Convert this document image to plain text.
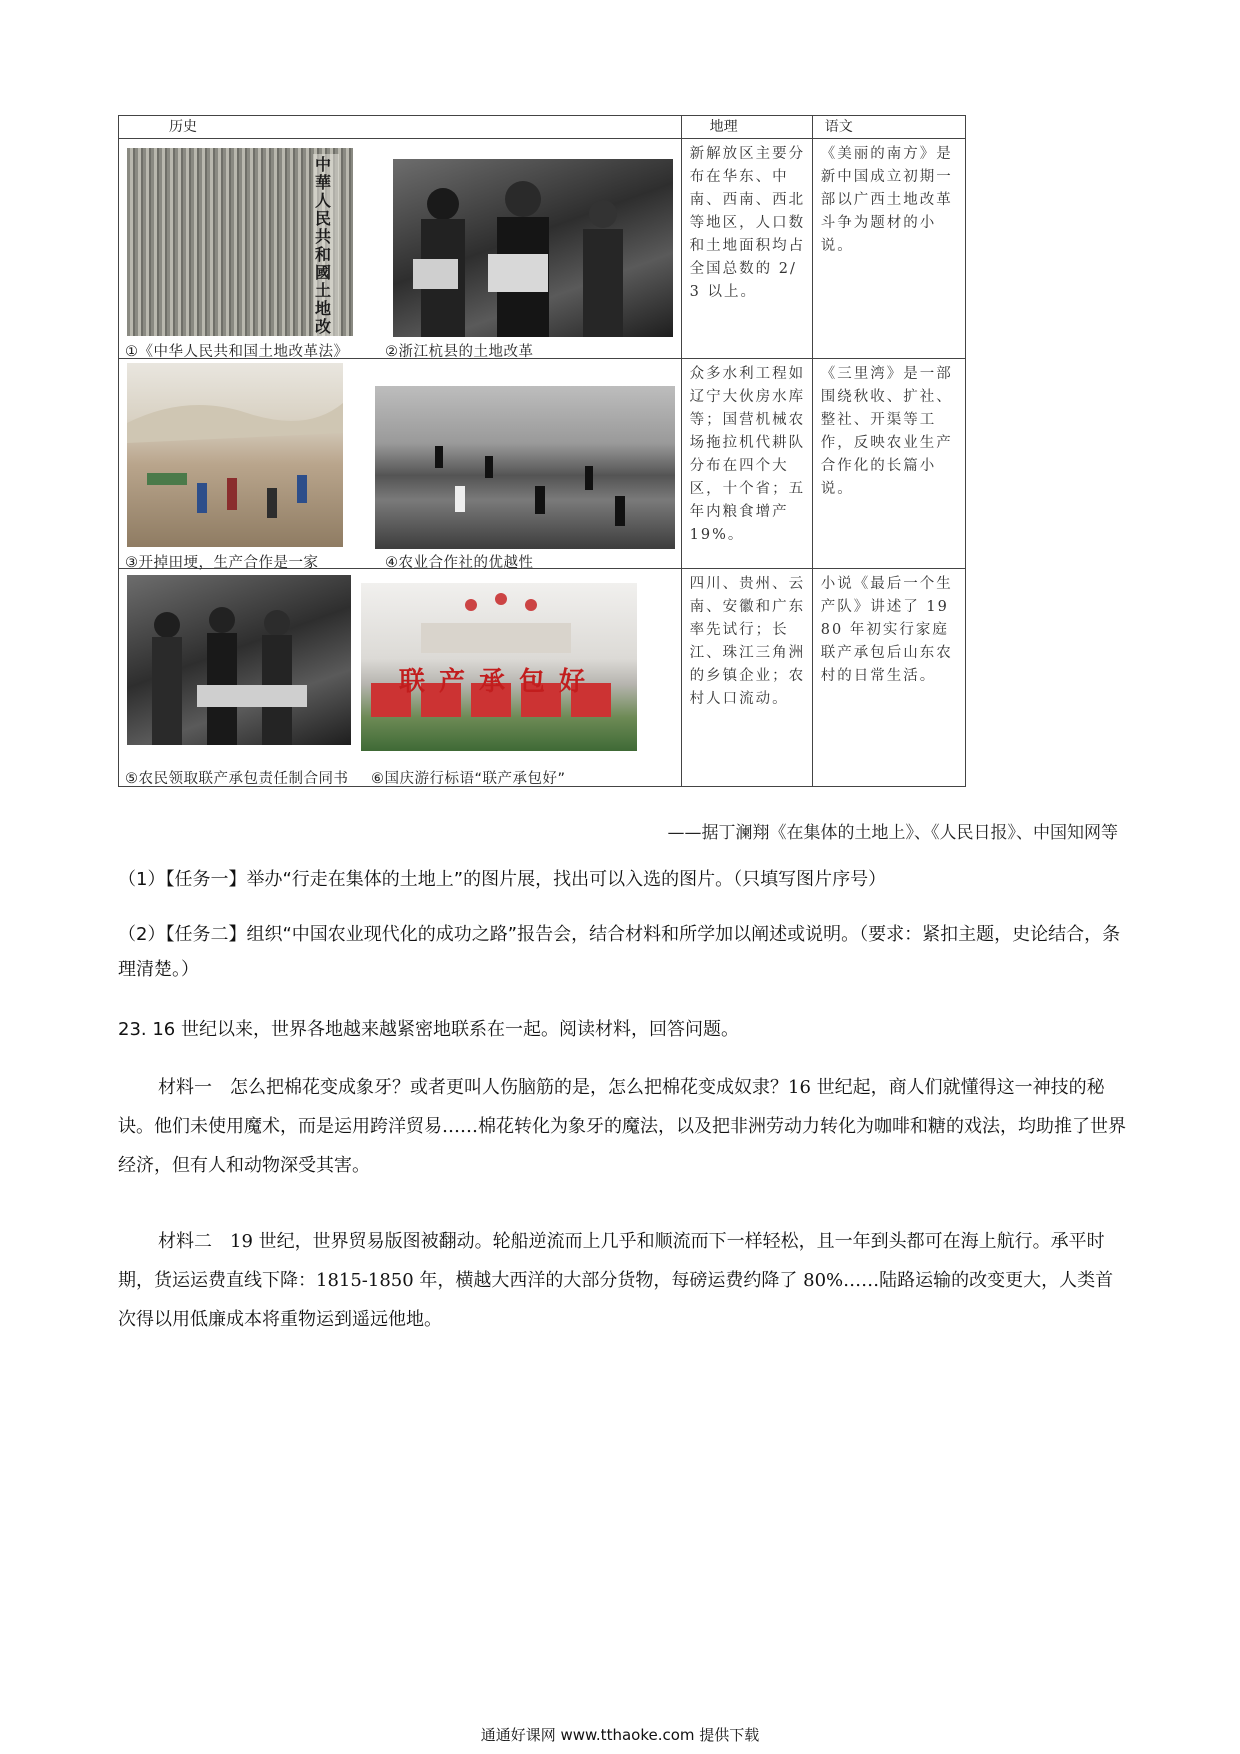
历史	地理	语文

中華人民共和國土地改
①《中华人民共和国土地改革法》 ②浙江杭县的土地改革	新解放区主要分布在华东、中南、西南、西北等地区，人口数和土地面积均占全国总数的 2/3 以上。	《美丽的南方》是新中国成立初期一部以广西土地改革斗争为题材的小说。

③开掉田埂，生产合作是一家 ④农业合作社的优越性	众多水利工程如辽宁大伙房水库等；国营机械农场拖拉机代耕队分布在四个大区，十个省；五年内粮食增产 19%。	《三里湾》是一部围绕秋收、扩社、整社、开渠等工作，反映农业生产合作化的长篇小说。

联产承包好
⑤农民领取联产承包责任制合同书 ⑥国庆游行标语“联产承包好”	四川、贵州、云南、安徽和广东率先试行；长江、珠江三角洲的乡镇企业；农村人口流动。	小说《最后一个生产队》讲述了 1980 年初实行家庭联产承包后山东农村的日常生活。
——据丁澜翔《在集体的土地上》、《人民日报》、中国知网等
（1）【任务一】举办“行走在集体的土地上”的图片展，找出可以入选的图片。（只填写图片序号）
（2）【任务二】组织“中国农业现代化的成功之路”报告会，结合材料和所学加以阐述或说明。（要求：紧扣主题，史论结合，条理清楚。）
23. 16 世纪以来，世界各地越来越紧密地联系在一起。阅读材料，回答问题。
材料一　怎么把棉花变成象牙？或者更叫人伤脑筋的是，怎么把棉花变成奴隶？16 世纪起，商人们就懂得这一神技的秘诀。他们未使用魔术，而是运用跨洋贸易……棉花转化为象牙的魔法，以及把非洲劳动力转化为咖啡和糖的戏法，均助推了世界经济，但有人和动物深受其害。
材料二　19 世纪，世界贸易版图被翻动。轮船逆流而上几乎和顺流而下一样轻松，且一年到头都可在海上航行。承平时期，货运运费直线下降：1815-1850 年，横越大西洋的大部分货物，每磅运费约降了 80%……陆路运输的改变更大，人类首次得以用低廉成本将重物运到遥远他地。
通通好课网 www.tthaoke.com 提供下载
